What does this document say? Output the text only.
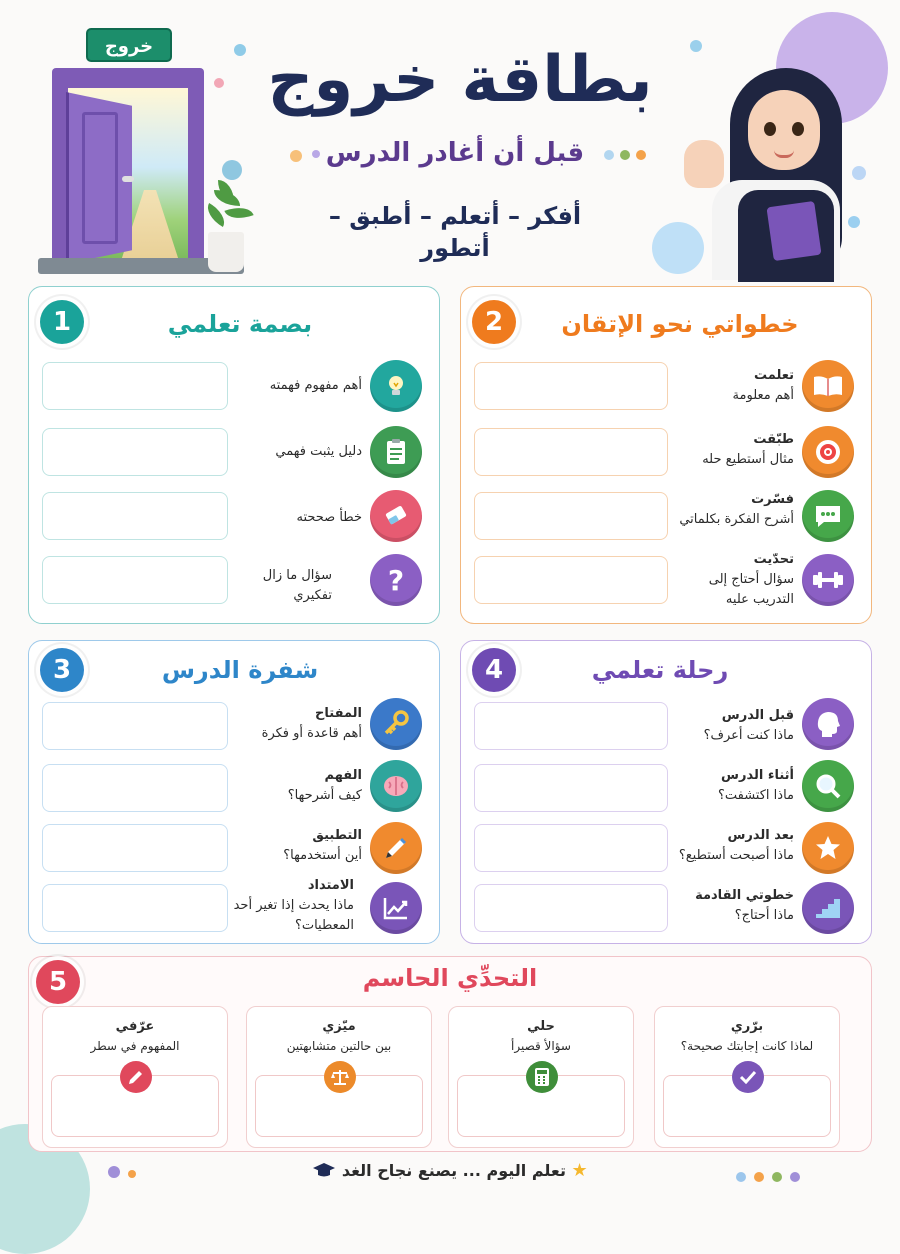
خروج بطاقة خروج
قبل أن أغادر الدرس
أفكر – أتعلم – أطبق – أتطور
1	بصمة تعلمي
أهم مفهوم فهمته
دليل يثبت فهمي
خطأ صححته
?
سؤال ما زال تفكيري
2	خطواتي نحو الإتقان
تعلمت
أهم معلومة
طبّقت
مثال أستطيع حله
فسّرت
أشرح الفكرة بكلماتي
تحدّيت
سؤال أحتاج إلى التدريب عليه
3	شفرة الدرس
المفتاح
أهم قاعدة أو فكرة
الفهم
كيف أشرحها؟
التطبيق
أين أستخدمها؟
الامتداد
ماذا يحدث إذا تغير أحد المعطيات؟
4	رحلة تعلمي
قبل الدرس
ماذا كنت أعرف؟
أثناء الدرس
ماذا اكتشفت؟
بعد الدرس
ماذا أصبحت أستطيع؟
خطوتي القادمة
ماذا أحتاج؟
5	التحدِّي الحاسم
برّري
لماذا كانت إجابتك صحيحة؟
حلي
سؤالأ قصيرأ
ميّزي
بين حالتين متشابهتين
عرّفي
المفهوم في سطر
★ تعلم اليوم ... يصنع نجاح الغد
